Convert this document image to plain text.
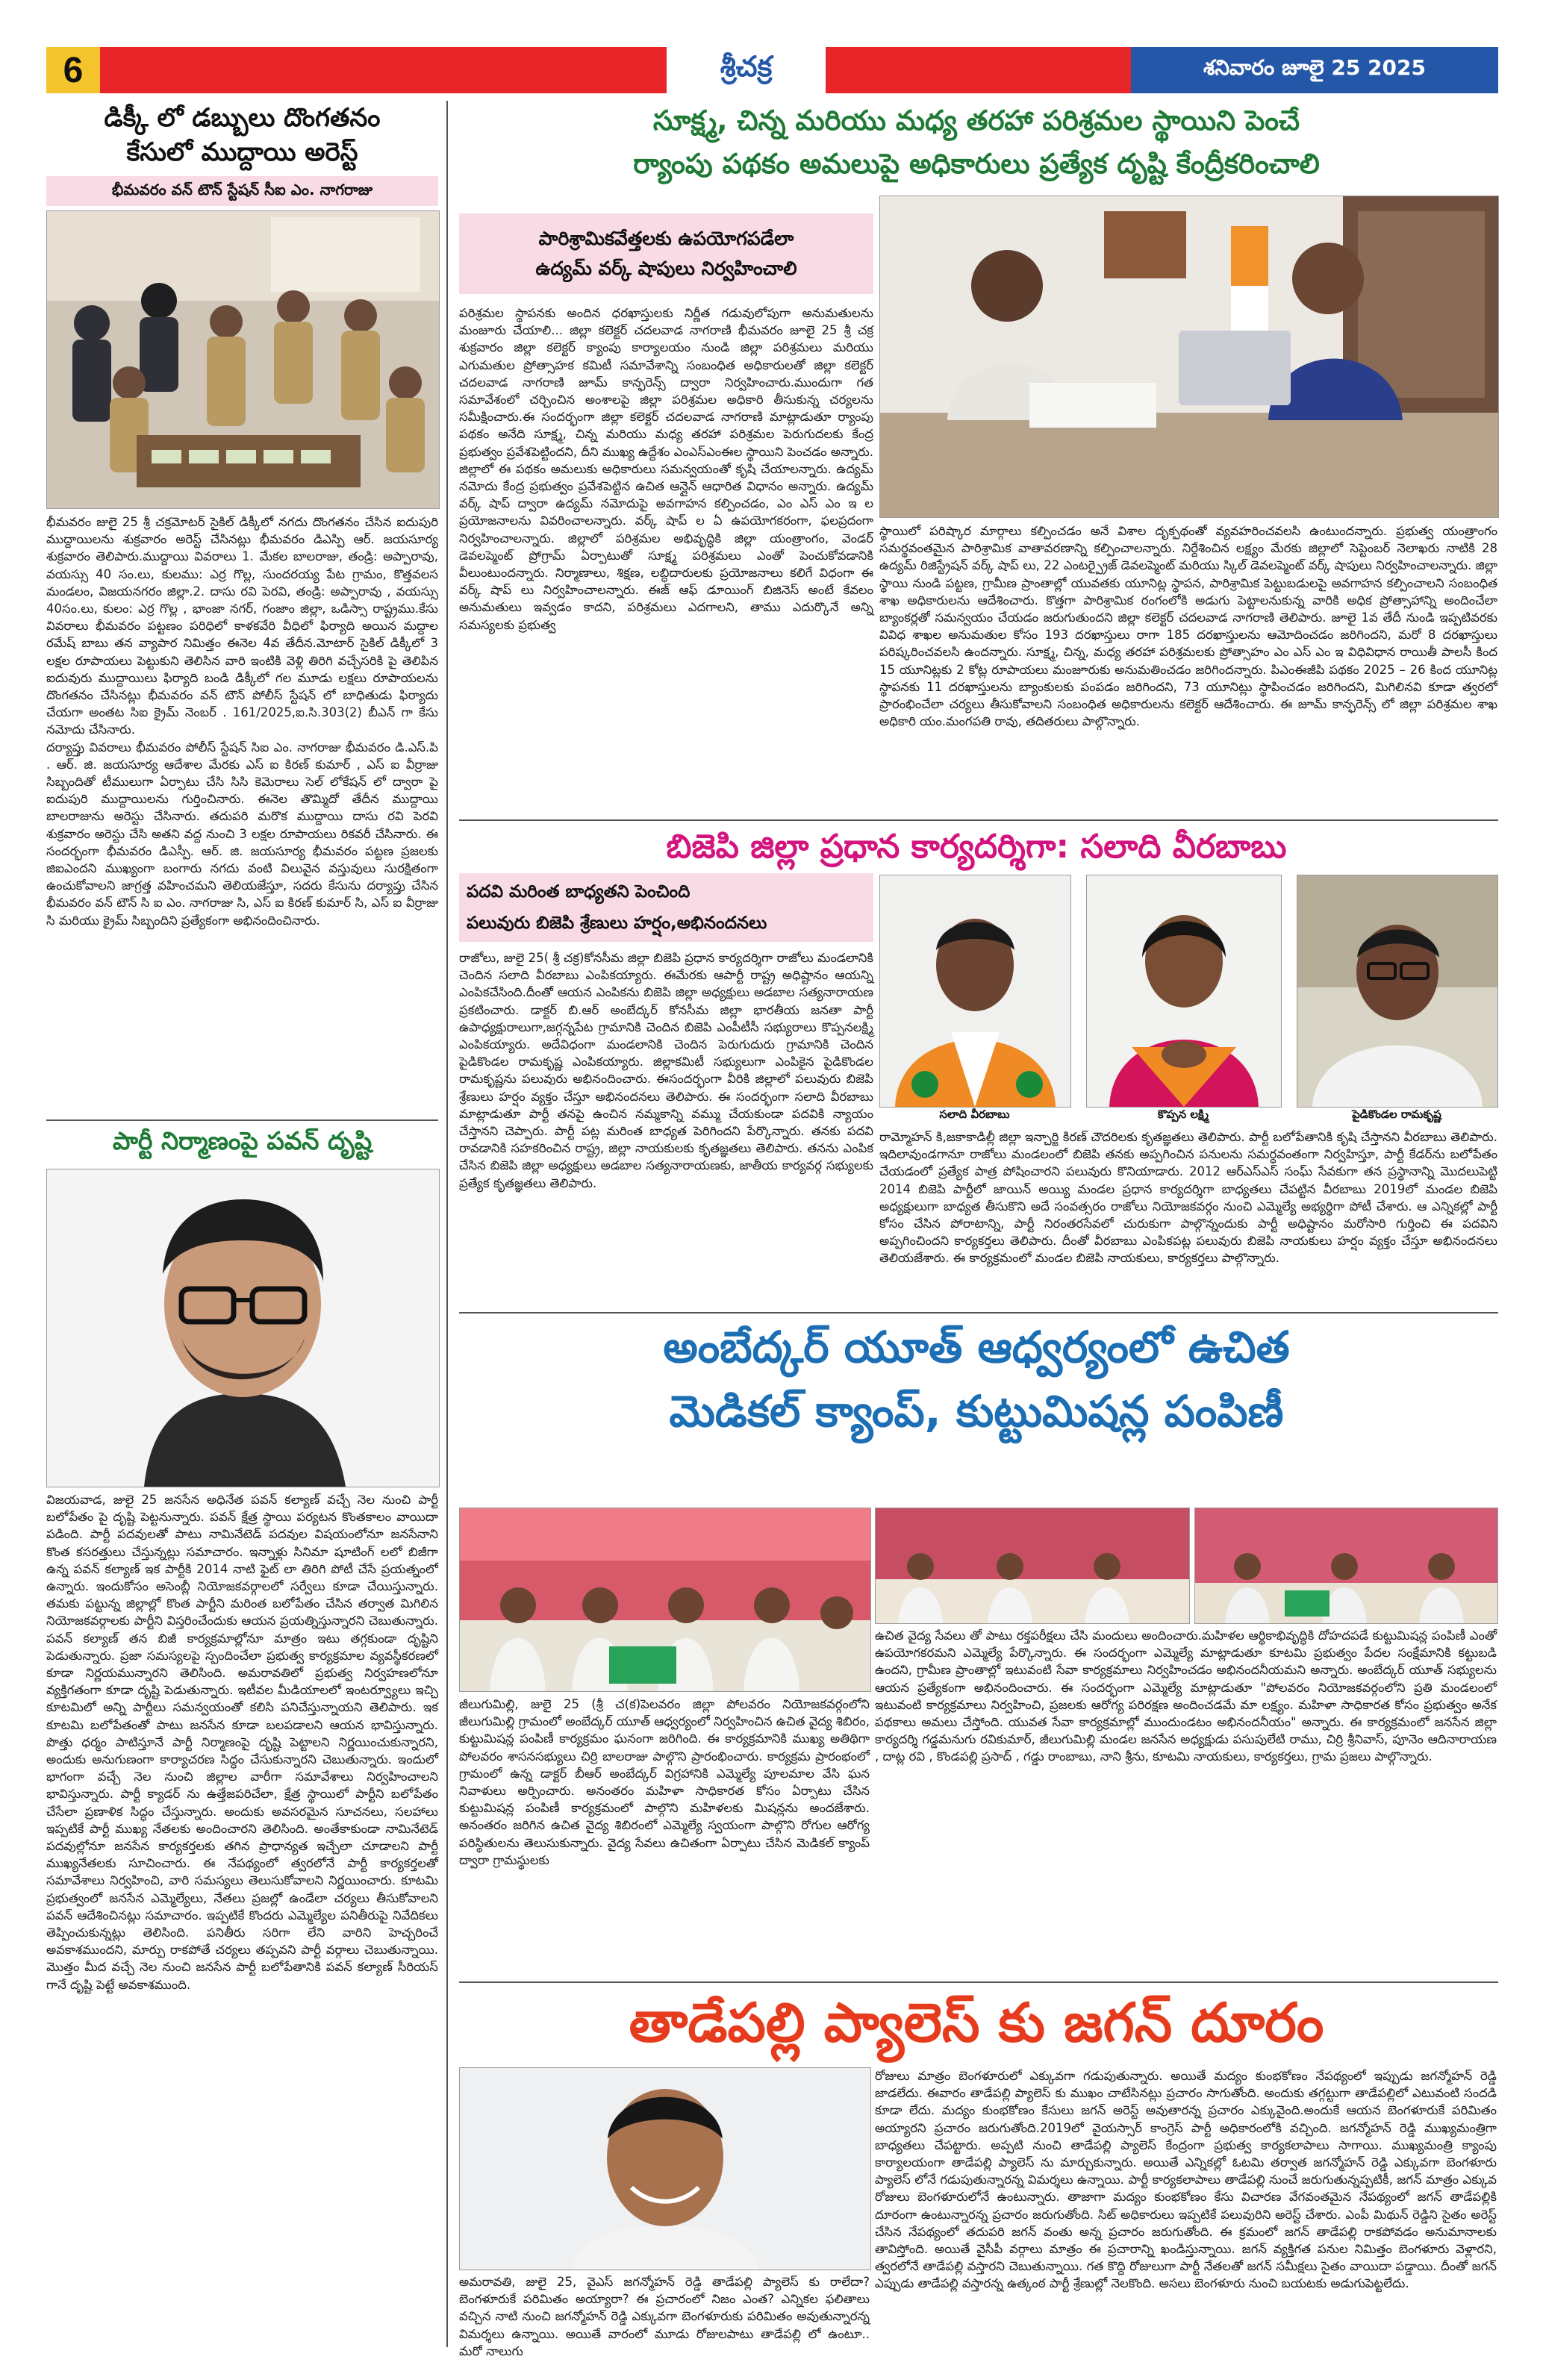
6	శ్రీచక్ర	శనివారం జూలై 25 2025
డిక్కీ లో డబ్బులు దొంగతనం
కేసులో ముద్దాయి అరెస్ట్
భీమవరం వన్ టౌన్ స్టేషన్ సీఐ ఎం. నాగరాజు

భీమవరం జులై 25 శ్రీ చక్రమోటర్ సైకిల్ డిక్కీలో నగదు దొంగతనం చేసిన ఐదుపురి ముద్దాయిలను శుక్రవారం అరెస్ట్ చేసినట్లు భీమవరం డిఎస్పి ఆర్. జయసూర్య శుక్రవారం తెలిపారు.ముద్దాయి వివరాలు 1. మేకల బాలరాజు, తండ్రి: అప్పారావు, వయస్సు 40 సం.లు, కులము: ఎర్ర గొల్ల, సుందరయ్య పేట గ్రామం, కొత్తవలస మండలం, విజయనగరం జిల్లా.2. దాసు రవి పెరవి, తండ్రి: అప్పారావు , వయస్సు 40సం.లు, కులం: ఎర్ర గొల్ల , భాంజా నగర్, గంజాం జిల్లా, ఒడిస్సా రాష్ట్రము.కేసు వివరాలు భీమవరం పట్టణం పరిధిలో కాళకవేరి వీధిలో ఫిర్యాది అయిన మద్దాల రమేష్ బాబు తన వ్యాపార నిమిత్తం ఈనెల 4వ తేదీన.మోటార్ సైకిల్ డిక్కీలో 3 లక్షల రూపాయలు పెట్టుకుని తెలిసిన వారి ఇంటికి వెళ్లి తిరిగి వచ్చేసరికి పై తెలిపిన ఐదువురు ముద్దాయిలు ఫిర్యాది బండి డిక్కీలో గల మూడు లక్షలు రూపాయలను దొంగతనం చేసినట్లు భీమవరం వన్ టౌన్ పోలీస్ స్టేషన్ లో బాధితుడు ఫిర్యాదు చేయగా అంతట సిఐ క్రైమ్ నెంబర్ . 161/2025,ఐ.సి.303(2) బీఎన్ గా కేసు నమోదు చేసినారు.

దర్యాప్తు వివరాలు భీమవరం పోలీస్ స్టేషన్ సిఐ ఎం. నాగరాజు భీమవరం డి.ఎస్.పి . ఆర్. జి. జయసూర్య ఆదేశాల మేరకు ఎస్ ఐ కిరణ్ కుమార్ , ఎస్ ఐ వీర్రాజు సిబ్బందితో టీములుగా ఏర్పాటు చేసి సిసి కెమెరాలు సెల్ లోకేషన్ లో ద్వారా పై ఐదుపురి ముద్దాయిలను గుర్తించినారు. ఈనెల తొమ్మిదో తేదీన ముద్దాయి బాలరాజును అరెస్టు చేసినారు. తదుపరి మరొక ముద్దాయి దాసు రవి పెరవి శుక్రవారం అరెస్టు చేసి అతని వద్ద నుంచి 3 లక్షల రూపాయలు రికవరీ చేసినారు. ఈ సందర్భంగా భీమవరం డిఎస్పీ. ఆర్. జి. జయసూర్య భీమవరం పట్టణ ప్రజలకు జిఐఎందని ముఖ్యంగా బంగారు నగదు వంటి విలువైన వస్తువులు సురక్షితంగా ఉంచుకోవాలని జాగ్రత్త వహించమని తెలియజేస్తూ, సదరు కేసును దర్యాప్తు చేసిన భీమవరం వన్ టౌన్ సి ఐ ఎం. నాగరాజు సి, ఎస్ ఐ కిరణ్ కుమార్ సి, ఎస్ ఐ వీర్రాజు సి మరియు క్రైమ్ సిబ్బందిని ప్రత్యేకంగా అభినందించినారు.

పార్టీ నిర్మాణంపై పవన్ దృష్టి

విజయవాడ, జులై 25 జనసేన అధినేత పవన్ కల్యాణ్ వచ్చే నెల నుంచి పార్టీ బలోపేతం పై దృష్టి పెట్టనున్నారు. పవన్ క్షేత్ర స్థాయి పర్యటన కొంతకాలం వాయిదా పడింది. పార్టీ పదవులతో పాటు నామినేటెడ్ పదవుల విషయంలోనూ జనసేనాని కొంత కసరత్తులు చేస్తున్నట్లు సమాచారం. ఇన్నాళ్లు సినిమా షూటింగ్ లలో బిజీగా ఉన్న పవన్ కల్యాణ్ ఇక పార్టీకి 2014 నాటి ఫైట్ లా తిరిగి పోటీ చేసే ప్రయత్నంలో ఉన్నారు. ఇందుకోసం అసెంబ్లీ నియోజకవర్గాలలో సర్వేలు కూడా చేయిస్తున్నారు. తమకు పట్టున్న జిల్లాల్లో కొంత పార్టీని మరింత బలోపేతం చేసిన తర్వాత మిగిలిన నియోజకవర్గాలకు పార్టీని విస్తరించేందుకు ఆయన ప్రయత్నిస్తున్నారని చెబుతున్నారు. పవన్ కల్యాణ్ తన బిజీ కార్యక్రమాల్లోనూ మాత్రం ఇటు తగ్గకుండా దృష్టిని పెడుతున్నారు. ప్రజా సమస్యలపై స్పందించేలా ప్రభుత్వ కార్యక్రమాల వ్యవస్థీకరణలో కూడా నిర్ణయమున్నారని తెలిసింది. అమరావతిలో ప్రభుత్వ నిర్వహణలోనూ వ్యక్తిగతంగా కూడా దృష్టి పెడుతున్నారు. ఇటీవల మీడియాలలో ఇంటర్వ్యూలు ఇచ్చి కూటమిలో అన్ని పార్టీలు సమన్వయంతో కలిసి పనిచేస్తున్నాయని తెలిపారు. ఇక కూటమి బలోపేతంతో పాటు జనసేన కూడా బలపడాలని ఆయన భావిస్తున్నారు. పొత్తు ధర్మం పాటిస్తూనే పార్టీ నిర్మాణంపై దృష్టి పెట్టాలని నిర్ణయించుకున్నారని, అందుకు అనుగుణంగా కార్యాచరణ సిద్ధం చేసుకున్నారని చెబుతున్నారు. ఇందులో భాగంగా వచ్చే నెల నుంచి జిల్లాల వారీగా సమావేశాలు నిర్వహించాలని భావిస్తున్నారు. పార్టీ క్యాడర్ ను ఉత్తేజపరిచేలా, క్షేత్ర స్థాయిలో పార్టీని బలోపేతం చేసేలా ప్రణాళిక సిద్ధం చేస్తున్నారు. అందుకు అవసరమైన సూచనలు, సలహాలు ఇప్పటికే పార్టీ ముఖ్య నేతలకు అందించారని తెలిసింది. అంతేకాకుండా నామినేటెడ్ పదవుల్లోనూ జనసేన కార్యకర్తలకు తగిన ప్రాధాన్యత ఇచ్చేలా చూడాలని పార్టీ ముఖ్యనేతలకు సూచించారు. ఈ నేపథ్యంలో త్వరలోనే పార్టీ కార్యకర్తలతో సమావేశాలు నిర్వహించి, వారి సమస్యలు తెలుసుకోవాలని నిర్ణయించారు. కూటమి ప్రభుత్వంలో జనసేన ఎమ్మెల్యేలు, నేతలు ప్రజల్లో ఉండేలా చర్యలు తీసుకోవాలని పవన్ ఆదేశించినట్లు సమాచారం. ఇప్పటికే కొందరు ఎమ్మెల్యేల పనితీరుపై నివేదికలు తెప్పించుకున్నట్లు తెలిసింది. పనితీరు సరిగా లేని వారిని హెచ్చరించే అవకాశముందని, మార్పు రాకపోతే చర్యలు తప్పవని పార్టీ వర్గాలు చెబుతున్నాయి. మొత్తం మీద వచ్చే నెల నుంచి జనసేన పార్టీ బలోపేతానికి పవన్ కల్యాణ్ సీరియస్ గానే దృష్టి పెట్టే అవకాశముంది.

సూక్ష్మ, చిన్న మరియు మధ్య తరహా పరిశ్రమల స్థాయిని పెంచే
ర్యాంపు పథకం అమలుపై అధికారులు ప్రత్యేక దృష్టి కేంద్రీకరించాలి
పారిశ్రామికవేత్తలకు ఉపయోగపడేలా
ఉద్యమ్ వర్క్ షాపులు నిర్వహించాలి

పరిశ్రమల స్థాపనకు అందిన ధరఖాస్తులకు నిర్ణీత గడువులోపుగా అనుమతులను మంజూరు చేయాలి... జిల్లా కలెక్టర్ చదలవాడ నాగరాణి భీమవరం జూలై 25 శ్రీ చక్ర శుక్రవారం జిల్లా కలెక్టర్ క్యాంపు కార్యాలయం నుండి జిల్లా పరిశ్రమలు మరియు ఎగుమతుల ప్రోత్సాహక కమిటీ సమావేశాన్ని సంబంధిత అధికారులతో జిల్లా కలెక్టర్ చదలవాడ నాగరాణి జూమ్ కాన్ఫరెన్స్ ద్వారా నిర్వహించారు.ముందుగా గత సమావేశంలో చర్చించిన అంశాలపై జిల్లా పరిశ్రమల అధికారి తీసుకున్న చర్యలను సమీక్షించారు.ఈ సందర్భంగా జిల్లా కలెక్టర్ చదలవాడ నాగరాణి మాట్లాడుతూ ర్యాంపు పథకం అనేది సూక్ష్మ, చిన్న మరియు మధ్య తరహా పరిశ్రమల పెరుగుదలకు కేంద్ర ప్రభుత్వం ప్రవేశపెట్టిందని, దీని ముఖ్య ఉద్దేశం ఎంఎస్ఎంఈల స్థాయిని పెంచడం అన్నారు. జిల్లాలో ఈ పథకం అమలుకు అధికారులు సమన్వయంతో కృషి చేయాలన్నారు. ఉద్యమ్ నమోదు కేంద్ర ప్రభుత్వం ప్రవేశపెట్టిన ఉచిత ఆన్లైన్ ఆధారిత విధానం అన్నారు. ఉద్యమ్ వర్క్ షాప్ ద్వారా ఉద్యమ్ నమోదుపై అవగాహన కల్పించడం, ఎం ఎస్ ఎం ఇ ల ప్రయోజనాలను వివరించాలన్నారు. వర్క్ షాప్ ల ఏ ఉపయోగకరంగా, ఫలప్రదంగా నిర్వహించాలన్నారు. జిల్లాలో పరిశ్రమల అభివృద్ధికి జిల్లా యంత్రాంగం, వెండర్ డెవలప్మెంట్ ప్రోగ్రామ్ ఏర్పాటుతో సూక్ష్మ పరిశ్రమలు ఎంతో పెంచుకోవడానికి వీలుంటుందన్నారు. నిర్మాణాలు, శిక్షణ, లబ్ధిదారులకు ప్రయోజనాలు కలిగే విధంగా ఈ వర్క్ షాప్ లు నిర్వహించాలన్నారు. ఈజ్ ఆఫ్ డూయింగ్ బిజినెస్ అంటే కేవలం అనుమతులు ఇవ్వడం కాదని, పరిశ్రమలు ఎదగాలని, తాము ఎదుర్కొనే అన్ని సమస్యలకు ప్రభుత్వ

స్థాయిలో పరిష్కార మార్గాలు కల్పించడం అనే విశాల దృక్పథంతో వ్యవహరించవలసి ఉంటుందన్నారు. ప్రభుత్వ యంత్రాంగం సమర్థవంతమైన పారిశ్రామిక వాతావరణాన్ని కల్పించాలన్నారు. నిర్దేశించిన లక్ష్యం మేరకు జిల్లాలో సెప్టెంబర్ నెలాఖరు నాటికి 28 ఉద్యమ్ రిజిస్ట్రేషన్ వర్క్ షాప్ లు, 22 ఎంటర్ప్రైజ్ డెవలప్మెంట్ మరియు స్కిల్ డెవలప్మెంట్ వర్క్ షాపులు నిర్వహించాలన్నారు. జిల్లా స్థాయి నుండి పట్టణ, గ్రామీణ ప్రాంతాల్లో యువతకు యూనిట్ల స్థాపన, పారిశ్రామిక పెట్టుబడులపై అవగాహన కల్పించాలని సంబంధిత శాఖ అధికారులను ఆదేశించారు. కొత్తగా పారిశ్రామిక రంగంలోకి అడుగు పెట్టాలనుకున్న వారికి అధిక ప్రోత్సాహాన్ని అందించేలా బ్యాంకర్లతో సమన్వయం చేయడం జరుగుతుందని జిల్లా కలెక్టర్ చదలవాడ నాగరాణి తెలిపారు. జూలై 1వ తేదీ నుండి ఇప్పటివరకు వివిధ శాఖల అనుమతుల కోసం 193 దరఖాస్తులు రాగా 185 దరఖాస్తులను ఆమోదించడం జరిగిందని, మరో 8 దరఖాస్తులు పరిష్కరించవలసి ఉందన్నారు. సూక్ష్మ, చిన్న, మధ్య తరహా పరిశ్రమలకు ప్రోత్సాహం ఎం ఎస్ ఎం ఇ విధివిధాన రాయితీ పాలసీ కింద 15 యూనిట్లకు 2 కోట్ల రూపాయలు మంజూరుకు అనుమతించడం జరిగిందన్నారు. పిఎంఈజీపి పథకం 2025 – 26 కింద యూనిట్ల స్థాపనకు 11 దరఖాస్తులను బ్యాంకులకు పంపడం జరిగిందని, 73 యూనిట్లు స్థాపించడం జరిగిందని, మిగిలినవి కూడా త్వరలో ప్రారంభించేలా చర్యలు తీసుకోవాలని సంబంధిత అధికారులను కలెక్టర్ ఆదేశించారు. ఈ జూమ్ కాన్ఫరెన్స్ లో జిల్లా పరిశ్రమల శాఖ అధికారి యం.మంగపతి రావు, తదితరులు పాల్గొన్నారు.

బిజెపి జిల్లా ప్రధాన కార్యదర్శిగా: సలాది వీరబాబు
పదవి మరింత బాధ్యతని పెంచింది
పలువురు బిజెపి శ్రేణులు హర్షం,అభినందనలు

రాజోలు, జులై 25( శ్రీ చక్ర)కోనసీమ జిల్లా బిజెపి ప్రధాన కార్యదర్శిగా రాజోలు మండలానికి చెందిన సలాది వీరబాబు ఎంపికయ్యారు. ఈమేరకు ఆపార్టీ రాష్ట్ర అధిష్టానం ఆయన్ని ఎంపికచేసింది.దీంతో ఆయన ఎంపికను బిజెపి జిల్లా అధ్యక్షులు అడబాల సత్యనారాయణ ప్రకటించారు. డాక్టర్ బి.ఆర్ అంబేద్కర్ కోనసీమ జిల్లా భారతీయ జనతా పార్టీ ఉపాధ్యక్షురాలుగా,జగ్గన్నపేట గ్రామానికి చెందిన బిజెపి ఎంపీటీసీ సభ్యురాలు కొప్పనలక్ష్మి ఎంపికయ్యారు. అదేవిధంగా మండలానికి చెందిన పెరుగుదురు గ్రామానికి చెందిన పైడికొండల రామకృష్ణ ఎంపికయ్యారు. జిల్లాకమిటీ సభ్యులుగా ఎంపికైన పైడికొండల రామకృష్ణను పలువురు అభినందించారు. ఈసందర్భంగా వీరికి జిల్లాలో పలువురు బిజెపి శ్రేణులు హర్షం వ్యక్తం చేస్తూ అభినందనలు తెలిపారు. ఈ సందర్భంగా సలాది వీరబాబు మాట్లాడుతూ పార్టీ తనపై ఉంచిన నమ్మకాన్ని వమ్ము చేయకుండా పదవికి న్యాయం చేస్తానని చెప్పారు. పార్టీ పట్ల మరింత బాధ్యత పెరిగిందని పేర్కొన్నారు. తనకు పదవి రావడానికి సహకరించిన రాష్ట్ర, జిల్లా నాయకులకు కృతజ్ఞతలు తెలిపారు. తనను ఎంపిక చేసిన బిజెపి జిల్లా అధ్యక్షులు అడబాల సత్యనారాయణకు, జాతీయ కార్యవర్గ సభ్యులకు ప్రత్యేక కృతజ్ఞతలు తెలిపారు.

సలాది వీరబాబు	కొప్పన లక్ష్మి	పైడికొండల రామకృష్ణ

రామ్మోహన్ కి,జకాకాడిల్లీ జిల్లా ఇన్చార్జి కిరణ్ చౌదరిలకు కృతజ్ఞతలు తెలిపారు. పార్టీ బలోపేతానికి కృషి చేస్తానని వీరబాబు తెలిపారు. ఇదిలావుండగానూ రాజోలు మండలంలో బిజెపి తనకు అప్పగించిన పనులను సమర్ధవంతంగా నిర్వహిస్తూ, పార్టీ కేడర్‌ను బలోపేతం చేయడంలో ప్రత్యేక పాత్ర పోషించారని పలువురు కొనియాడారు. 2012 ఆర్ఎస్ఎస్ సంఘ్ సేవకుగా తన ప్రస్థానాన్ని మొదలుపెట్టి 2014 బిజెపి పార్టీలో జాయిన్ అయ్యి మండల ప్రధాన కార్యదర్శిగా బాధ్యతలు చేపట్టిన వీరబాబు 2019లో మండల బిజెపి అధ్యక్షులుగా బాధ్యత తీసుకొని అదే సంవత్సరం రాజోలు నియోజకవర్గం నుంచి ఎమ్మెల్యే అభ్యర్థిగా పోటీ చేశారు. ఆ ఎన్నికల్లో పార్టీ కోసం చేసిన పోరాటాన్ని, పార్టీ నిరంతరసేవలో చురుకుగా పాల్గొన్నందుకు పార్టీ అధిష్టానం మరోసారి గుర్తించి ఈ పదవిని అప్పగించిందని కార్యకర్తలు తెలిపారు. దీంతో వీరబాబు ఎంపికపట్ల పలువురు బిజెపి నాయకులు హర్షం వ్యక్తం చేస్తూ అభినందనలు తెలియజేశారు. ఈ కార్యక్రమంలో మండల బిజెపి నాయకులు, కార్యకర్తలు పాల్గొన్నారు.

అంబేద్కర్ యూత్ ఆధ్వర్యంలో ఉచిత
మెడికల్ క్యాంప్, కుట్టుమిషన్ల పంపిణీ

జీలుగుమిల్లి, జులై 25 (శ్రీ చ(క)పెలవరం జిల్లా పోలవరం నియోజకవర్గంలోని జీలుగుమిల్లి గ్రామంలో అంబేద్కర్ యూత్ ఆధ్వర్యంలో నిర్వహించిన ఉచిత వైద్య శిబిరం, కుట్టుమిషన్ల పంపిణీ కార్యక్రమం ఘనంగా జరిగింది. ఈ కార్యక్రమానికి ముఖ్య అతిథిగా పోలవరం శాసనసభ్యులు చిర్రి బాలరాజు పాల్గొని ప్రారంభించారు. కార్యక్రమ ప్రారంభంలో గ్రామంలో ఉన్న డాక్టర్ బీఆర్ అంబేద్కర్ విగ్రహానికి ఎమ్మెల్యే పూలమాల వేసి ఘన నివాళులు అర్పించారు. అనంతరం మహిళా సాధికారత కోసం ఏర్పాటు చేసిన కుట్టుమిషన్ల పంపిణీ కార్యక్రమంలో పాల్గొని మహిళలకు మిషన్లను అందజేశారు. అనంతరం జరిగిన ఉచిత వైద్య శిబిరంలో ఎమ్మెల్యే స్వయంగా పాల్గొని రోగుల ఆరోగ్య పరిస్థితులను తెలుసుకున్నారు. వైద్య సేవలు ఉచితంగా ఏర్పాటు చేసిన మెడికల్ క్యాంప్ ద్వారా గ్రామస్థులకు

ఉచిత వైద్య సేవలు తో పాటు రక్తపరీక్షలు చేసి మందులు అందించారు.మహిళల ఆర్థికాభివృద్ధికి దోహదపడే కుట్టుమిషన్ల పంపిణీ ఎంతో ఉపయోగకరమని ఎమ్మెల్యే పేర్కొన్నారు. ఈ సందర్భంగా ఎమ్మెల్యే మాట్లాడుతూ కూటమి ప్రభుత్వం పేదల సంక్షేమానికి కట్టుబడి ఉందని, గ్రామీణ ప్రాంతాల్లో ఇటువంటి సేవా కార్యక్రమాలు నిర్వహించడం అభినందనీయమని అన్నారు. అంబేద్కర్ యూత్ సభ్యులను ఆయన ప్రత్యేకంగా అభినందించారు. ఈ సందర్భంగా ఎమ్మెల్యే మాట్లాడుతూ "పోలవరం నియోజకవర్గంలోని ప్రతి మండలంలో ఇటువంటి కార్యక్రమాలు నిర్వహించి, ప్రజలకు ఆరోగ్య పరిరక్షణ అందించడమే మా లక్ష్యం. మహిళా సాధికారత కోసం ప్రభుత్వం అనేక పథకాలు అమలు చేస్తోంది. యువత సేవా కార్యక్రమాల్లో ముందుండటం అభినందనీయం" అన్నారు. ఈ కార్యక్రమంలో జనసేన జిల్లా కార్యదర్శి గడ్డమనుగు రవికుమార్, జీలుగుమిల్లి మండల జనసేన అధ్యక్షుడు పసుపులేటి రాము, చిర్రి శ్రీనివాస్, పూనెం ఆదినారాయణ , దాట్ల రవి , కొండపల్లి ప్రసాద్ , గడ్డు రాంబాబు, నాని శ్రీను, కూటమి నాయకులు, కార్యకర్తలు, గ్రామ ప్రజలు పాల్గొన్నారు.

తాడేపల్లి ప్యాలెస్ కు జగన్ దూరం

అమరావతి, జులై 25, వైఎస్ జగన్మోహన్ రెడ్డి తాడేపల్లి ప్యాలెస్ కు రాలేదా? బెంగళూరుకే పరిమితం అయ్యారా? ఈ ప్రచారంలో నిజం ఎంత? ఎన్నికల ఫలితాలు వచ్చిన నాటి నుంచి జగన్మోహన్ రెడ్డి ఎక్కువగా బెంగళూరుకు పరిమితం అవుతున్నారన్న విమర్శలు ఉన్నాయి. అయితే వారంలో మూడు రోజులపాటు తాడేపల్లి లో ఉంటూ.. మరో నాలుగు

రోజులు మాత్రం బెంగళూరులో ఎక్కువగా గడుపుతున్నారు. అయితే మద్యం కుంభకోణం నేపథ్యంలో ఇప్పుడు జగన్మోహన్ రెడ్డి జాడలేదు. ఈవారం తాడేపల్లి ప్యాలెస్ కు ముఖం చాటేసినట్లు ప్రచారం సాగుతోంది. అందుకు తగ్గట్టుగా తాడేపల్లిలో ఎటువంటి సందడి కూడా లేదు. మద్యం కుంభకోణం కేసులు జగన్ అరెస్ట్ అవుతారన్న ప్రచారం ఎక్కువైంది.అందుకే ఆయన బెంగళూరుకే పరిమితం అయ్యారని ప్రచారం జరుగుతోంది.2019లో వైయస్సార్ కాంగ్రెస్ పార్టీ అధికారంలోకి వచ్చింది. జగన్మోహన్ రెడ్డి ముఖ్యమంత్రిగా బాధ్యతలు చేపట్టారు. అప్పటి నుంచి తాడేపల్లి ప్యాలెస్ కేంద్రంగా ప్రభుత్వ కార్యకలాపాలు సాగాయి. ముఖ్యమంత్రి క్యాంపు కార్యాలయంగా తాడేపల్లి ప్యాలెస్ ను మార్చుకున్నారు. అయితే ఎన్నికల్లో ఓటమి తర్వాత జగన్మోహన్ రెడ్డి ఎక్కువగా బెంగళూరు ప్యాలెస్ లోనే గడుపుతున్నారన్న విమర్శలు ఉన్నాయి. పార్టీ కార్యకలాపాలు తాడేపల్లి నుంచే జరుగుతున్నప్పటికీ, జగన్ మాత్రం ఎక్కువ రోజులు బెంగళూరులోనే ఉంటున్నారు. తాజాగా మద్యం కుంభకోణం కేసు విచారణ వేగవంతమైన నేపథ్యంలో జగన్ తాడేపల్లికి దూరంగా ఉంటున్నారన్న ప్రచారం జరుగుతోంది. సిట్ అధికారులు ఇప్పటికే పలువురిని అరెస్ట్ చేశారు. ఎంపీ మిథున్ రెడ్డిని సైతం అరెస్ట్ చేసిన నేపథ్యంలో తదుపరి జగన్ వంతు అన్న ప్రచారం జరుగుతోంది. ఈ క్రమంలో జగన్ తాడేపల్లి రాకపోవడం అనుమానాలకు తావిస్తోంది. అయితే వైసీపీ వర్గాలు మాత్రం ఈ ప్రచారాన్ని ఖండిస్తున్నాయి. జగన్ వ్యక్తిగత పనుల నిమిత్తం బెంగళూరు వెళ్లారని, త్వరలోనే తాడేపల్లి వస్తారని చెబుతున్నాయి. గత కొద్ది రోజులుగా పార్టీ నేతలతో జగన్ సమీక్షలు సైతం వాయిదా పడ్డాయి. దీంతో జగన్ ఎప్పుడు తాడేపల్లి వస్తారన్న ఉత్కంఠ పార్టీ శ్రేణుల్లో నెలకొంది. అసలు బెంగళూరు నుంచి బయటకు అడుగుపెట్టలేదు.
